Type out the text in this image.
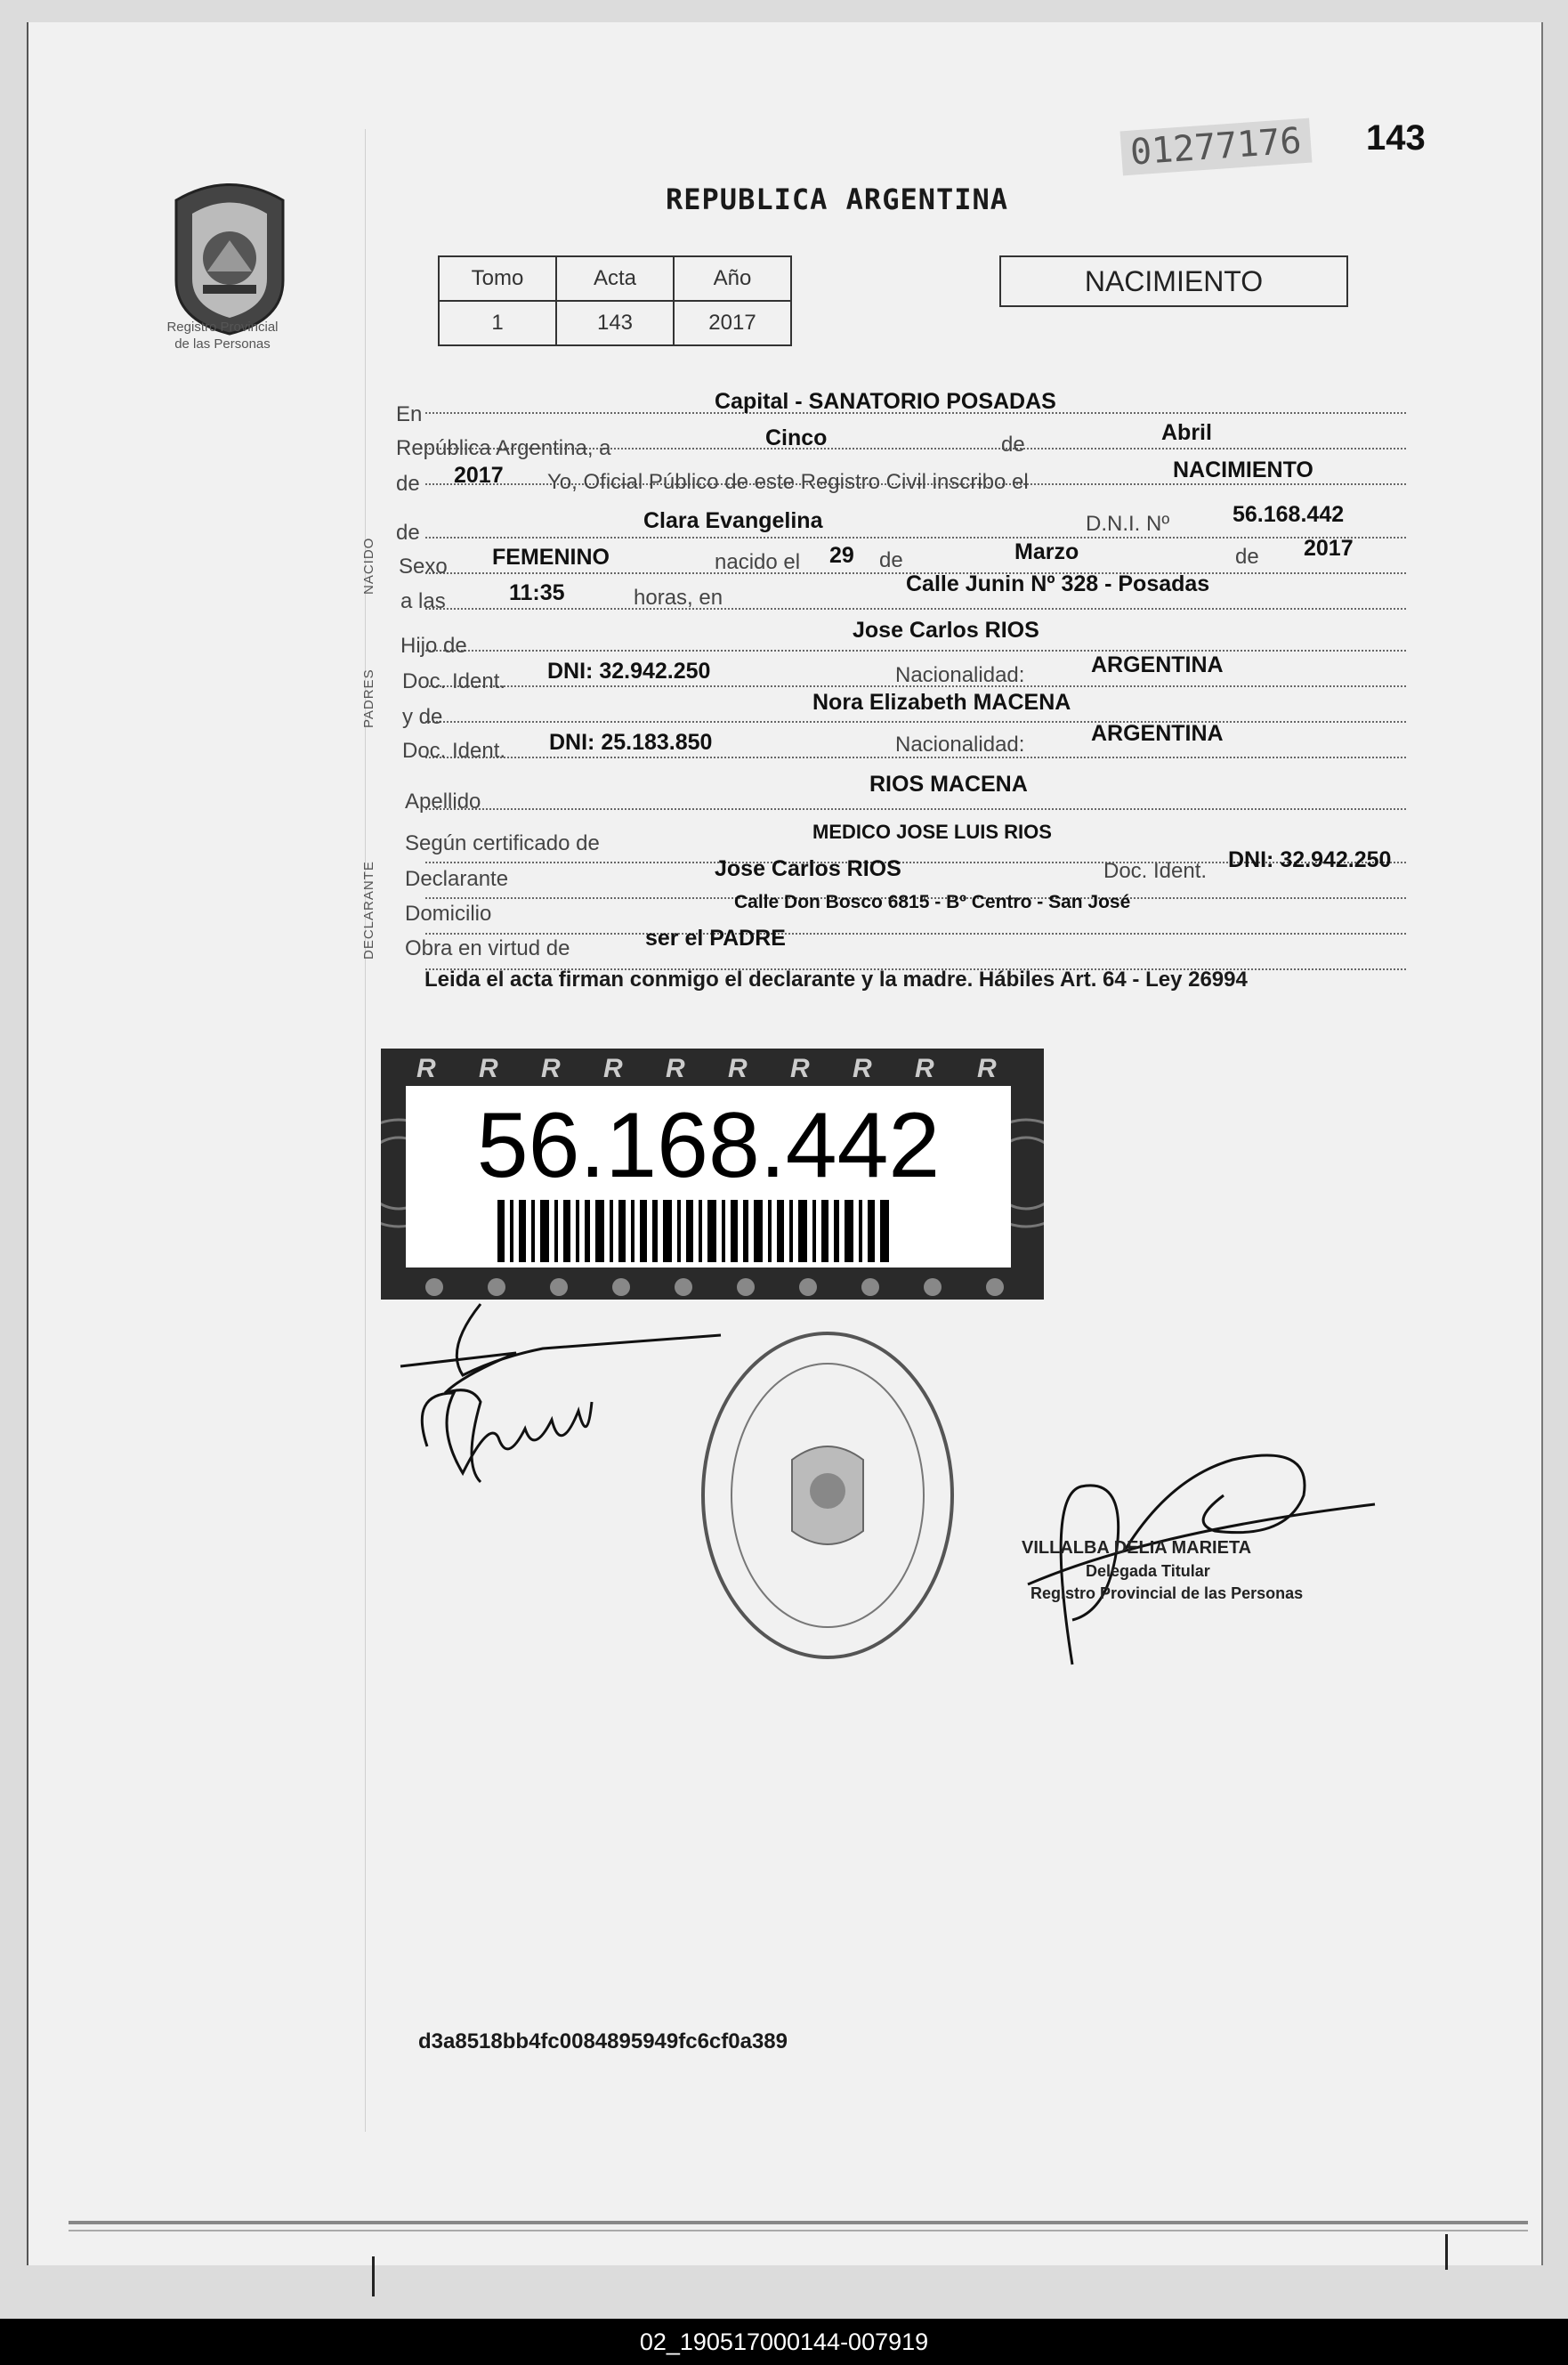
Registro Provincial
de las Personas
01277176 143
REPUBLICA ARGENTINA
Tomo	Acta	Año
1	143	2017
NACIMIENTO
NACIDO
PADRES
DECLARANTE
En
Capital - SANATORIO POSADAS
República Argentina, a	Cinco	de	Abril
de 2017 Yo, Oficial Público de este Registro Civil inscribo el	NACIMIENTO
de	Clara Evangelina	D.N.I. Nº	56.168.442
Sexo FEMENINO	nacido el 29 de	Marzo	de 2017
a las	11:35	horas, en
Calle Junin Nº 328 - Posadas
Hijo de
Jose Carlos RIOS
Doc. Ident. DNI: 32.942.250	Nacionalidad:	ARGENTINA
y de
Nora Elizabeth MACENA
Doc. Ident. DNI: 25.183.850	Nacionalidad:	ARGENTINA
Apellido
RIOS MACENA
Según certificado de	MEDICO JOSE LUIS RIOS
Declarante	Jose Carlos RIOS	Doc. Ident. DNI: 32.942.250
Domicilio	Calle Don Bosco 6815 - Bº Centro - San José
Obra en virtud de	ser el PADRE
Leida el acta firman conmigo el declarante y la madre. Hábiles Art. 64 - Ley 26994
R R R R R R R R R R
56.168.442
VILLALBA DELIA MARIETA
Delegada Titular
Registro Provincial de las Personas
d3a8518bb4fc0084895949fc6cf0a389
02_190517000144-007919
